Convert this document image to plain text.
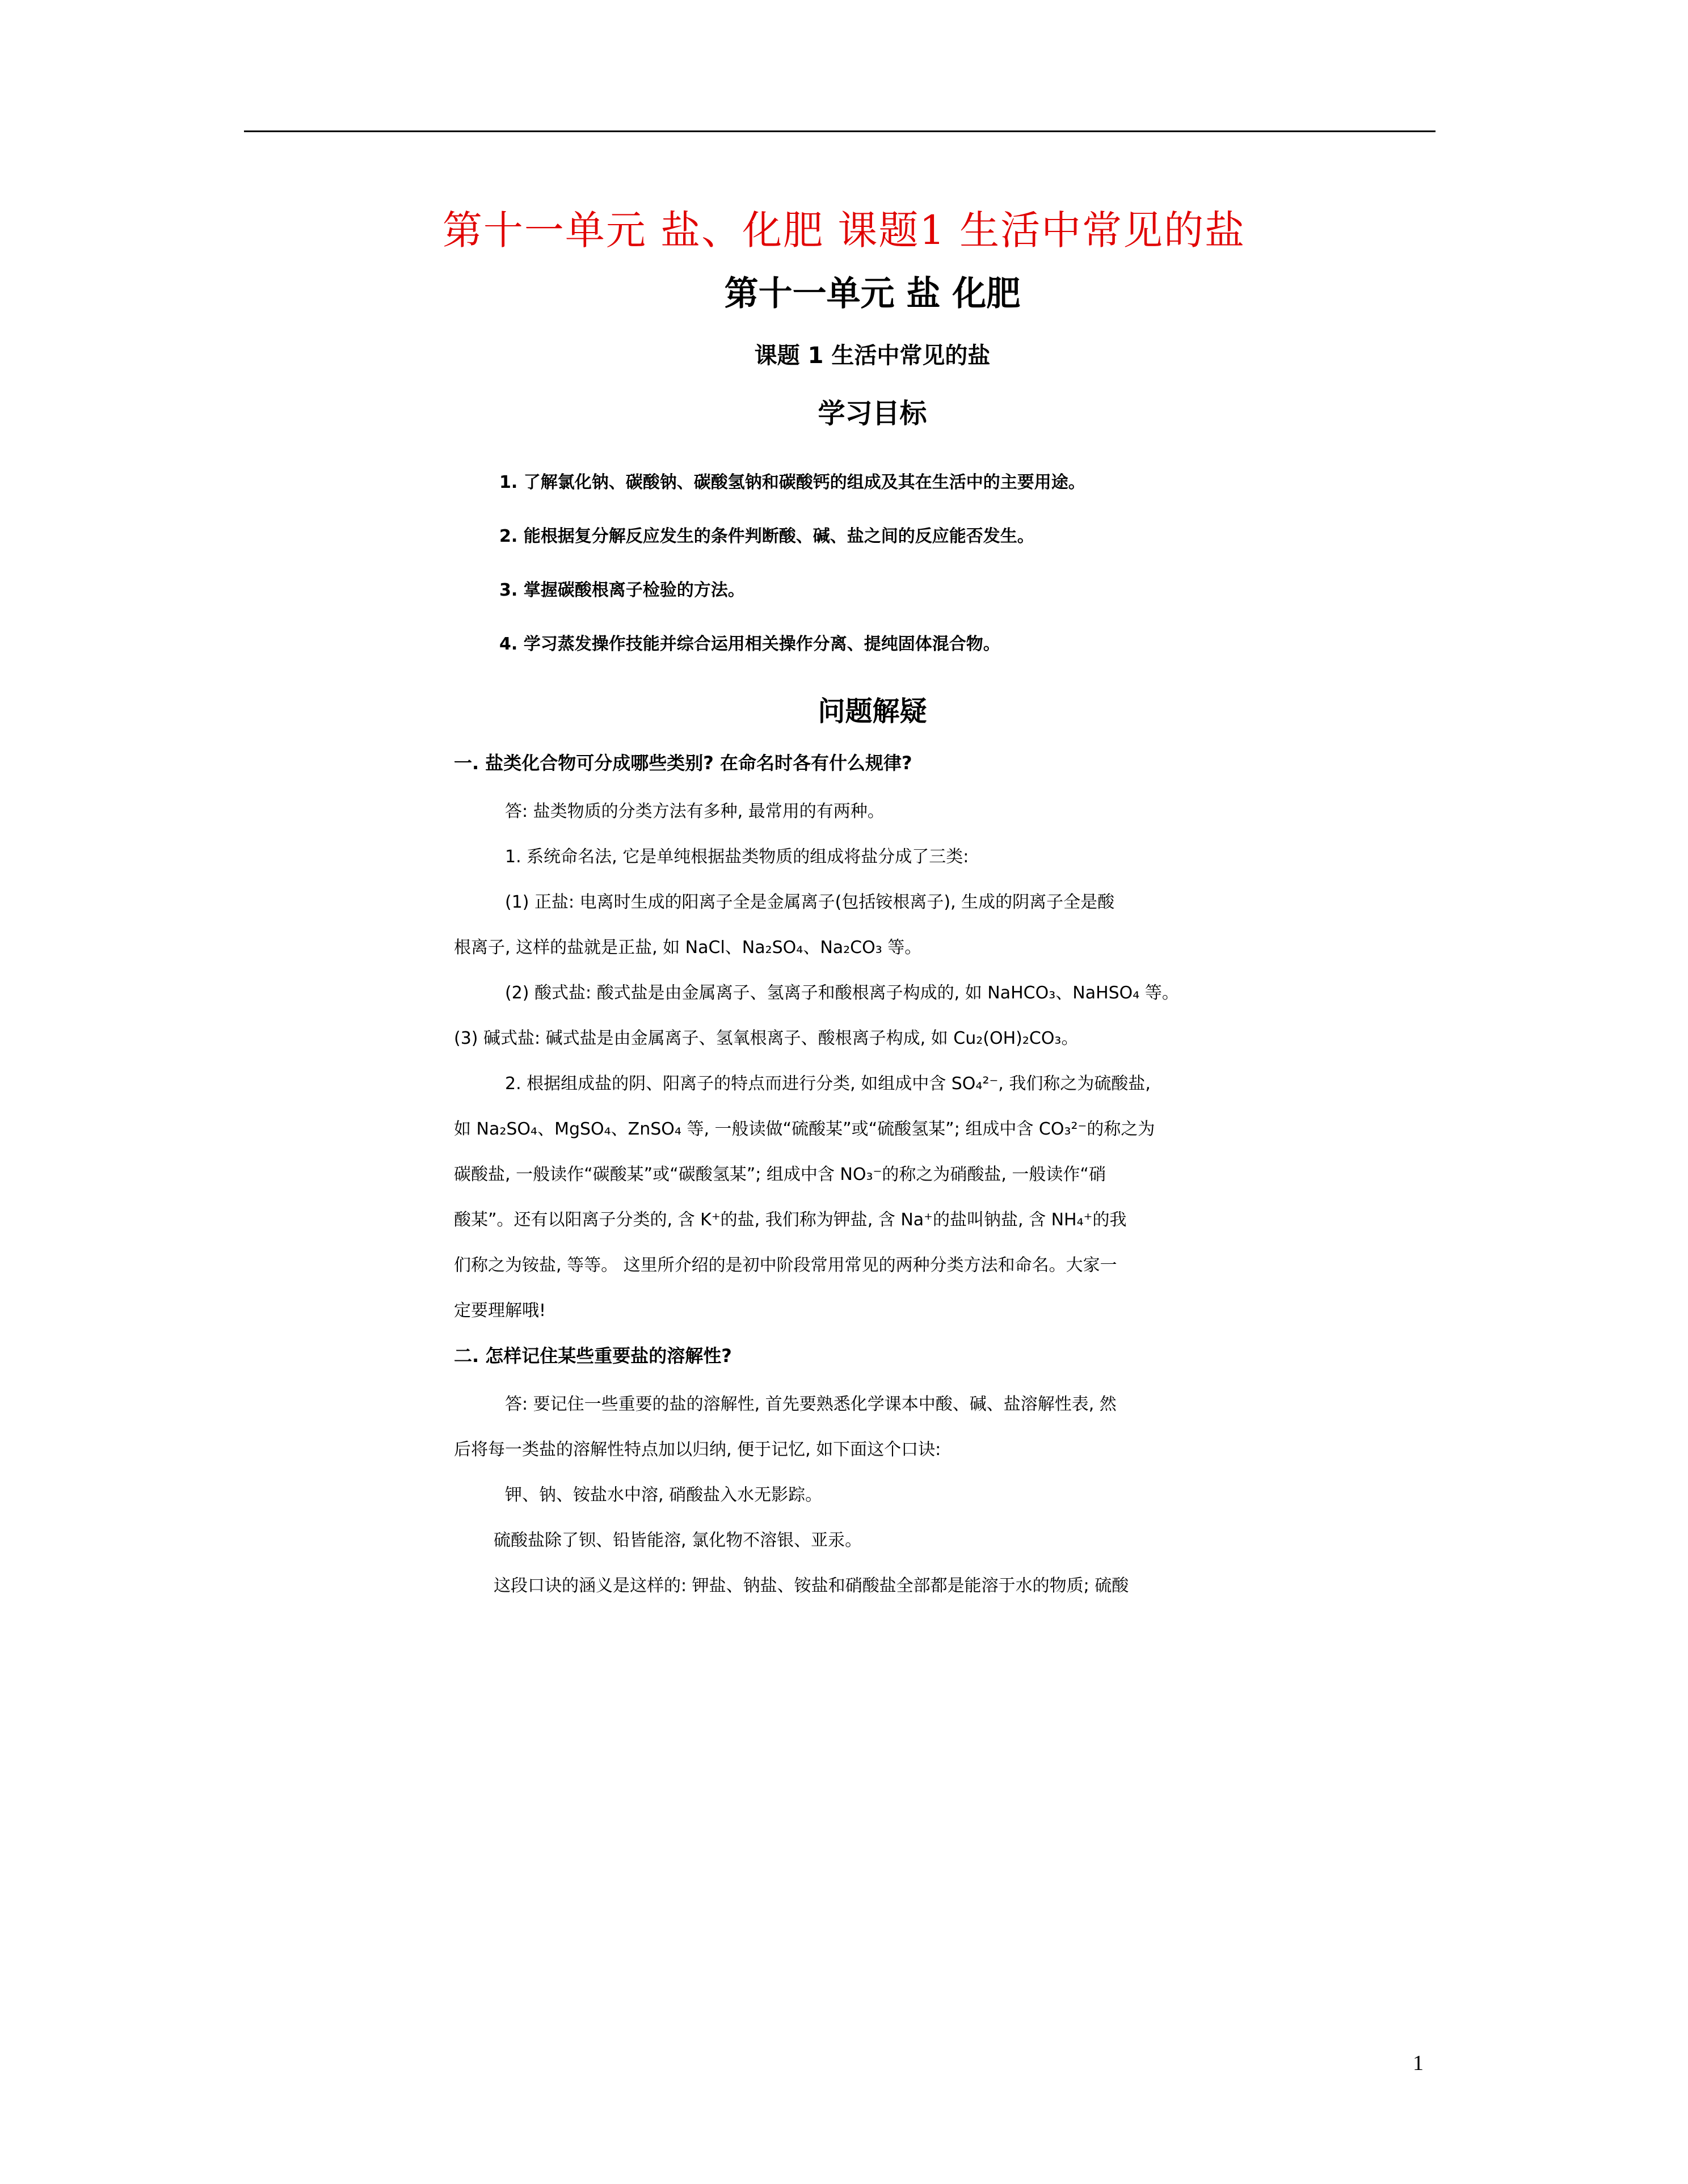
第十一单元 盐、化肥 课题1 生活中常见的盐
第十一单元 盐 化肥
课题 1 生活中常见的盐
学习目标
1. 了解氯化钠、碳酸钠、碳酸氢钠和碳酸钙的组成及其在生活中的主要用途。
2. 能根据复分解反应发生的条件判断酸、碱、盐之间的反应能否发生。
3. 掌握碳酸根离子检验的方法。
4. 学习蒸发操作技能并综合运用相关操作分离、提纯固体混合物。
问题解疑
一. 盐类化合物可分成哪些类别? 在命名时各有什么规律?
答: 盐类物质的分类方法有多种, 最常用的有两种。
1. 系统命名法, 它是单纯根据盐类物质的组成将盐分成了三类:
(1) 正盐: 电离时生成的阳离子全是金属离子(包括铵根离子), 生成的阴离子全是酸
根离子, 这样的盐就是正盐, 如 NaCl、Na₂SO₄、Na₂CO₃ 等。
(2) 酸式盐: 酸式盐是由金属离子、氢离子和酸根离子构成的, 如 NaHCO₃、NaHSO₄ 等。
(3) 碱式盐: 碱式盐是由金属离子、氢氧根离子、酸根离子构成, 如 Cu₂(OH)₂CO₃。
2. 根据组成盐的阴、阳离子的特点而进行分类, 如组成中含 SO₄²⁻, 我们称之为硫酸盐,
如 Na₂SO₄、MgSO₄、ZnSO₄ 等, 一般读做“硫酸某”或“硫酸氢某”; 组成中含 CO₃²⁻的称之为
碳酸盐, 一般读作“碳酸某”或“碳酸氢某”; 组成中含 NO₃⁻的称之为硝酸盐, 一般读作“硝
酸某”。还有以阳离子分类的, 含 K⁺的盐, 我们称为钾盐, 含 Na⁺的盐叫钠盐, 含 NH₄⁺的我
们称之为铵盐, 等等。 这里所介绍的是初中阶段常用常见的两种分类方法和命名。大家一
定要理解哦!
二. 怎样记住某些重要盐的溶解性?
答: 要记住一些重要的盐的溶解性, 首先要熟悉化学课本中酸、碱、盐溶解性表, 然
后将每一类盐的溶解性特点加以归纳, 便于记忆, 如下面这个口诀:
钾、钠、铵盐水中溶, 硝酸盐入水无影踪。
硫酸盐除了钡、铅皆能溶, 氯化物不溶银、亚汞。
这段口诀的涵义是这样的: 钾盐、钠盐、铵盐和硝酸盐全部都是能溶于水的物质; 硫酸
1
